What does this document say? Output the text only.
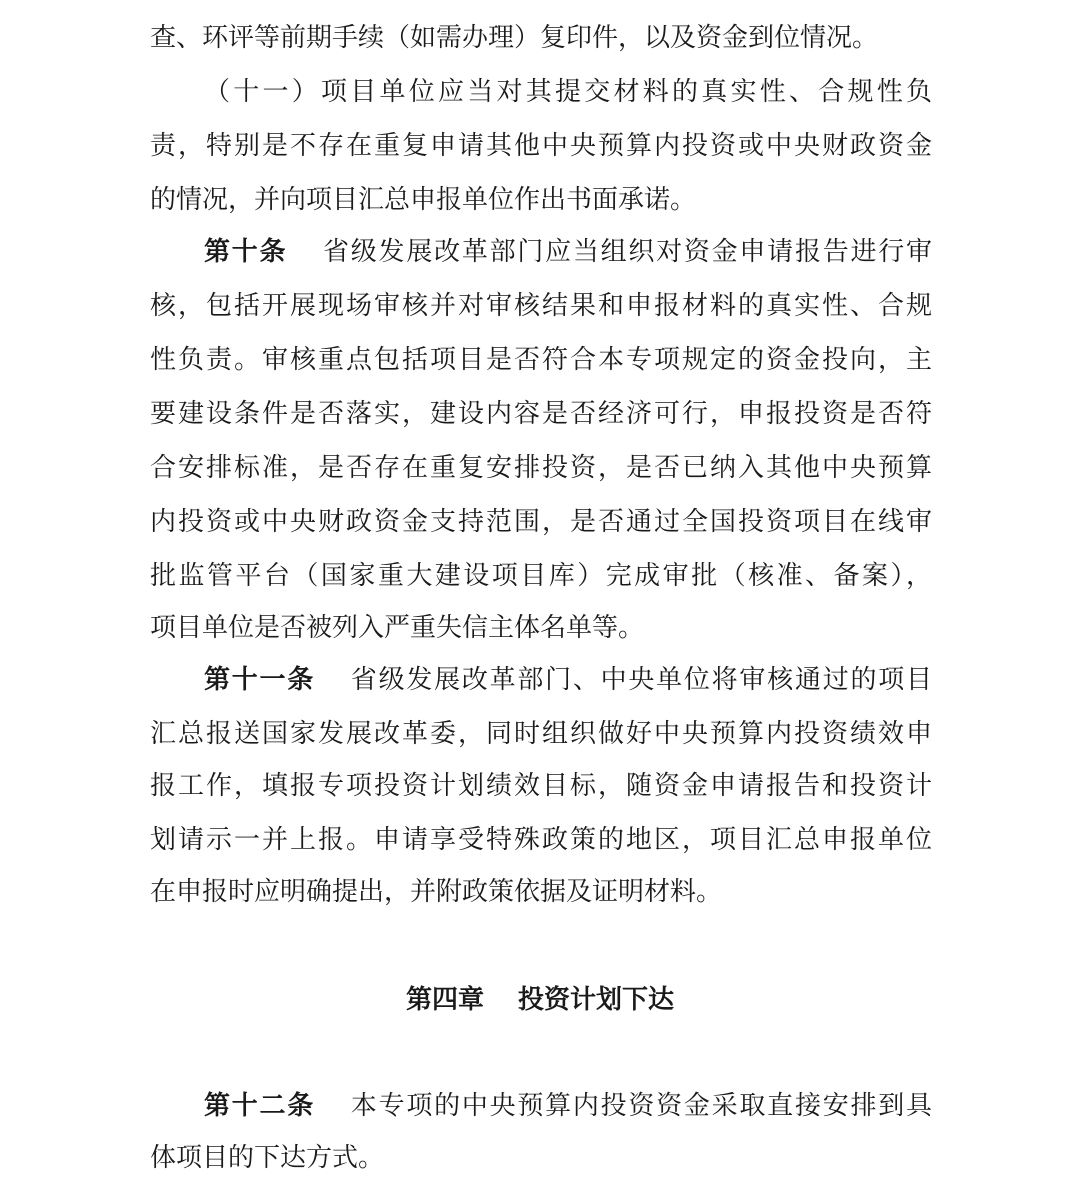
查、环评等前期手续（如需办理）复印件，以及资金到位情况。
（十一）项目单位应当对其提交材料的真实性、合规性负
责，特别是不存在重复申请其他中央预算内投资或中央财政资金
的情况，并向项目汇总申报单位作出书面承诺。
第十条 省级发展改革部门应当组织对资金申请报告进行审
核，包括开展现场审核并对审核结果和申报材料的真实性、合规
性负责。审核重点包括项目是否符合本专项规定的资金投向，主
要建设条件是否落实，建设内容是否经济可行，申报投资是否符
合安排标准，是否存在重复安排投资，是否已纳入其他中央预算
内投资或中央财政资金支持范围，是否通过全国投资项目在线审
批监管平台（国家重大建设项目库）完成审批（核准、备案），
项目单位是否被列入严重失信主体名单等。
第十一条 省级发展改革部门、中央单位将审核通过的项目
汇总报送国家发展改革委，同时组织做好中央预算内投资绩效申
报工作，填报专项投资计划绩效目标，随资金申请报告和投资计
划请示一并上报。申请享受特殊政策的地区，项目汇总申报单位
在申报时应明确提出，并附政策依据及证明材料。
第四章 投资计划下达
第十二条 本专项的中央预算内投资资金采取直接安排到具
体项目的下达方式。
